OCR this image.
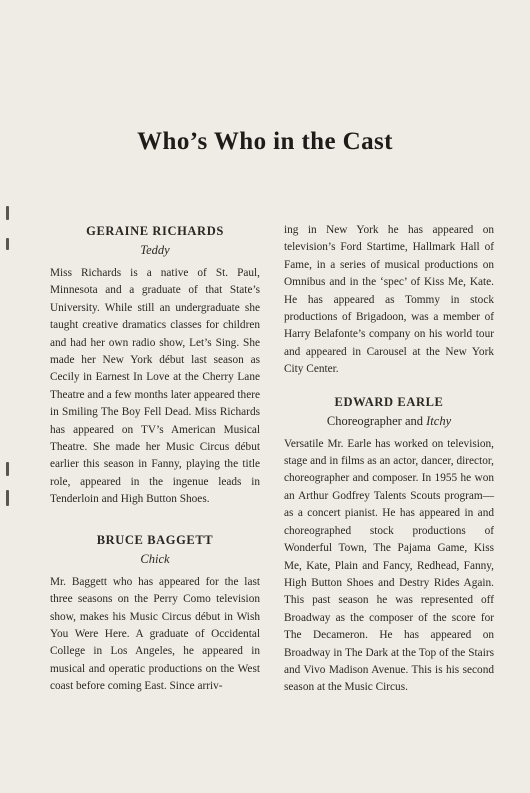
Who’s Who in the Cast
GERAINE RICHARDS
Teddy

Miss Richards is a native of St. Paul, Minnesota and a graduate of that State’s University. While still an undergraduate she taught creative dramatics classes for children and had her own radio show, Let’s Sing. She made her New York début last season as Cecily in Earnest In Love at the Cherry Lane Theatre and a few months later appeared there in Smiling The Boy Fell Dead. Miss Richards has appeared on TV’s American Musical Theatre. She made her Music Circus début earlier this season in Fanny, playing the title role, appeared in the ingenue leads in Tenderloin and High Button Shoes.

BRUCE BAGGETT
Chick

Mr. Baggett who has appeared for the last three seasons on the Perry Como television show, makes his Music Circus début in Wish You Were Here. A graduate of Occidental College in Los Angeles, he appeared in musical and operatic productions on the West coast before coming East. Since arriv-

ing in New York he has appeared on television’s Ford Startime, Hallmark Hall of Fame, in a series of musical productions on Omnibus and in the ‘spec’ of Kiss Me, Kate. He has appeared as Tommy in stock productions of Brigadoon, was a member of Harry Belafonte’s company on his world tour and appeared in Carousel at the New York City Center.

EDWARD EARLE
Choreographer and Itchy

Versatile Mr. Earle has worked on television, stage and in films as an actor, dancer, director, choreographer and composer. In 1955 he won an Arthur Godfrey Talents Scouts program—as a concert pianist. He has appeared in and choreographed stock productions of Wonderful Town, The Pajama Game, Kiss Me, Kate, Plain and Fancy, Redhead, Fanny, High Button Shoes and Destry Rides Again. This past season he was represented off Broadway as the composer of the score for The Decameron. He has appeared on Broadway in The Dark at the Top of the Stairs and Vivo Madison Avenue. This is his second season at the Music Circus.
